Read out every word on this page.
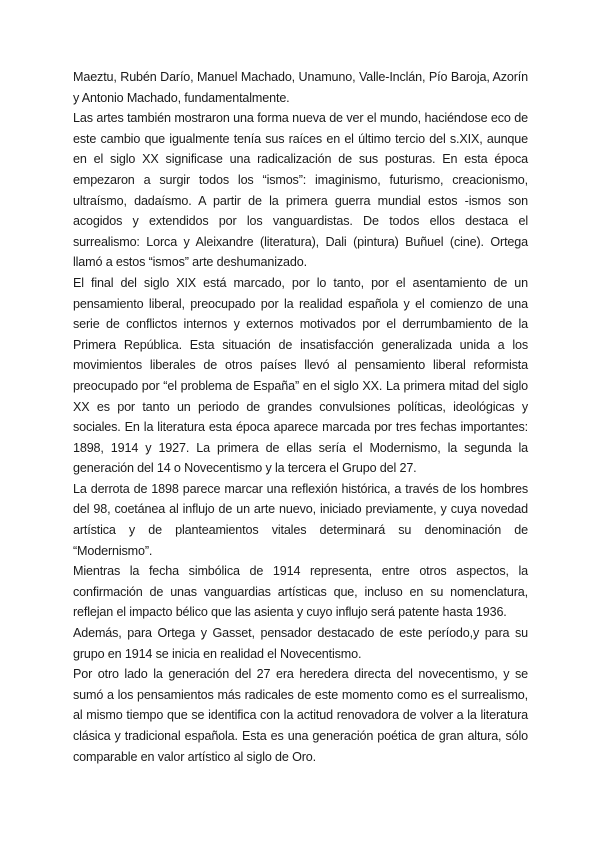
Maeztu, Rubén Darío, Manuel Machado, Unamuno, Valle-Inclán, Pío Baroja, Azorín y Antonio Machado, fundamentalmente.

Las artes también mostraron una forma nueva de ver el mundo, haciéndose eco de este cambio que igualmente tenía sus raíces en el último tercio del s.XIX, aunque en el siglo XX significase una radicalización de sus posturas. En esta época empezaron a surgir todos los “ismos”: imaginismo, futurismo, creacionismo, ultraísmo, dadaísmo. A partir de la primera guerra mundial estos -ismos son acogidos y extendidos por los vanguardistas. De todos ellos destaca el surrealismo: Lorca y Aleixandre (literatura), Dali (pintura) Buñuel (cine). Ortega llamó a estos “ismos” arte deshumanizado.

El final del siglo XIX está marcado, por lo tanto, por el asentamiento de un pensamiento liberal, preocupado por la realidad española y el comienzo de una serie de conflictos internos y externos motivados por el derrumbamiento de la Primera República. Esta situación de insatisfacción generalizada unida a los movimientos liberales de otros países llevó al pensamiento liberal reformista preocupado por “el problema de España” en el siglo XX. La primera mitad del siglo XX es por tanto un periodo de grandes convulsiones políticas, ideológicas y sociales. En la literatura esta época aparece marcada por tres fechas importantes: 1898, 1914 y 1927. La primera de ellas sería el Modernismo, la segunda la generación del 14 o Novecentismo y la tercera el Grupo del 27.

La derrota de 1898 parece marcar una reflexión histórica, a través de los hombres del 98, coetánea al influjo de un arte nuevo, iniciado previamente, y cuya novedad artística y de planteamientos vitales determinará su denominación de “Modernismo”.

Mientras la fecha simbólica de 1914 representa, entre otros aspectos, la confirmación de unas vanguardias artísticas que, incluso en su nomenclatura, reflejan el impacto bélico que las asienta y cuyo influjo será patente hasta 1936.

Además, para Ortega y Gasset, pensador destacado de este período,y para su grupo en 1914 se inicia en realidad el Novecentismo.

Por otro lado la generación del 27 era heredera directa del novecentismo, y se sumó a los pensamientos más radicales de este momento como es el surrealismo, al mismo tiempo que se identifica con la actitud renovadora de volver a la literatura clásica y tradicional española. Esta es una generación poética de gran altura, sólo comparable en valor artístico al siglo de Oro.
